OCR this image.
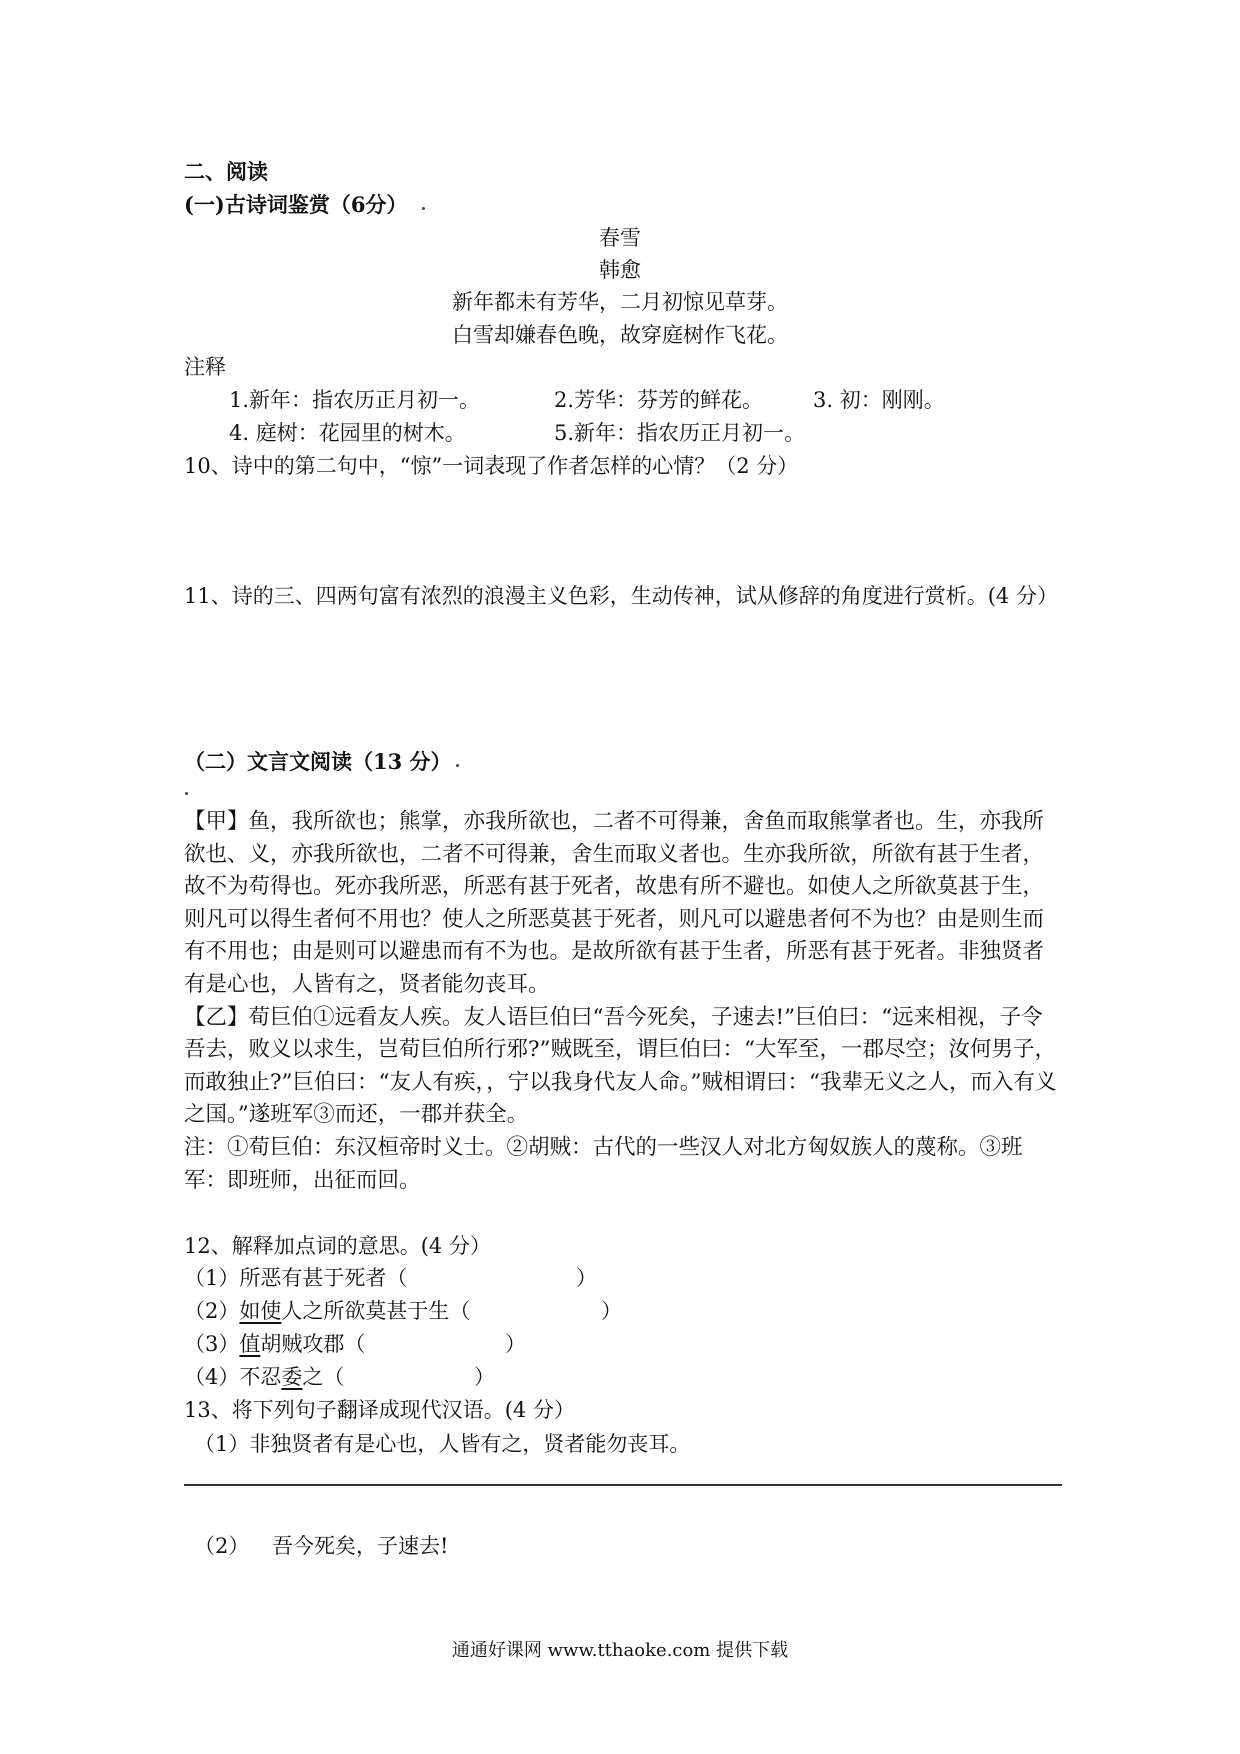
二、阅读
(一)古诗词鉴赏（6分）
春雪
韩愈
新年都未有芳华，二月初惊见草芽。
白雪却嫌春色晚，故穿庭树作飞花。
注释
1.新年：指农历正月初一。	2.芳华：芬芳的鲜花。 3. 初：刚刚。
4. 庭树：花园里的树木。	5.新年：指农历正月初一。
10、诗中的第二句中，“惊”一词表现了作者怎样的心情？（2 分）
11、诗的三、四两句富有浓烈的浪漫主义色彩，生动传神，试从修辞的角度进行赏析。(4 分）
（二）文言文阅读（13 分）

【甲】鱼，我所欲也；熊掌，亦我所欲也，二者不可得兼，舍鱼而取熊掌者也。生，亦我所欲也、义，亦我所欲也，二者不可得兼，舍生而取义者也。生亦我所欲，所欲有甚于生者，故不为苟得也。死亦我所恶，所恶有甚于死者，故患有所不避也。如使人之所欲莫甚于生，则凡可以得生者何不用也？使人之所恶莫甚于死者，则凡可以避患者何不为也？由是则生而有不用也；由是则可以避患而有不为也。是故所欲有甚于生者，所恶有甚于死者。非独贤者有是心也，人皆有之，贤者能勿丧耳。

【乙】荀巨伯①远看友人疾。友人语巨伯曰“吾今死矣，子速去!”巨伯曰：“远来相视，子令吾去，败义以求生，岂荀巨伯所行邪?”贼既至，谓巨伯曰：“大军至，一郡尽空；汝何男子，而敢独止?”巨伯曰：“友人有疾，，宁以我身代友人命。”贼相谓曰：“我辈无义之人，而入有义之国。”遂班军③而还，一郡并获全。

注：①荀巨伯：东汉桓帝时义士。②胡贼：古代的一些汉人对北方匈奴族人的蔑称。③班军：即班师，出征而回。

12、解释加点词的意思。(4 分）
（1）所恶有甚于死者（	）
（2）如使人之所欲莫甚于生（	）
（3）值胡贼攻郡（	）
（4）不忍委之（	）
13、将下列句子翻译成现代汉语。(4 分）
（1）非独贤者有是心也，人皆有之，贤者能勿丧耳。
（2） 吾今死矣，子速去!
通通好课网 www.tthaoke.com 提供下载
